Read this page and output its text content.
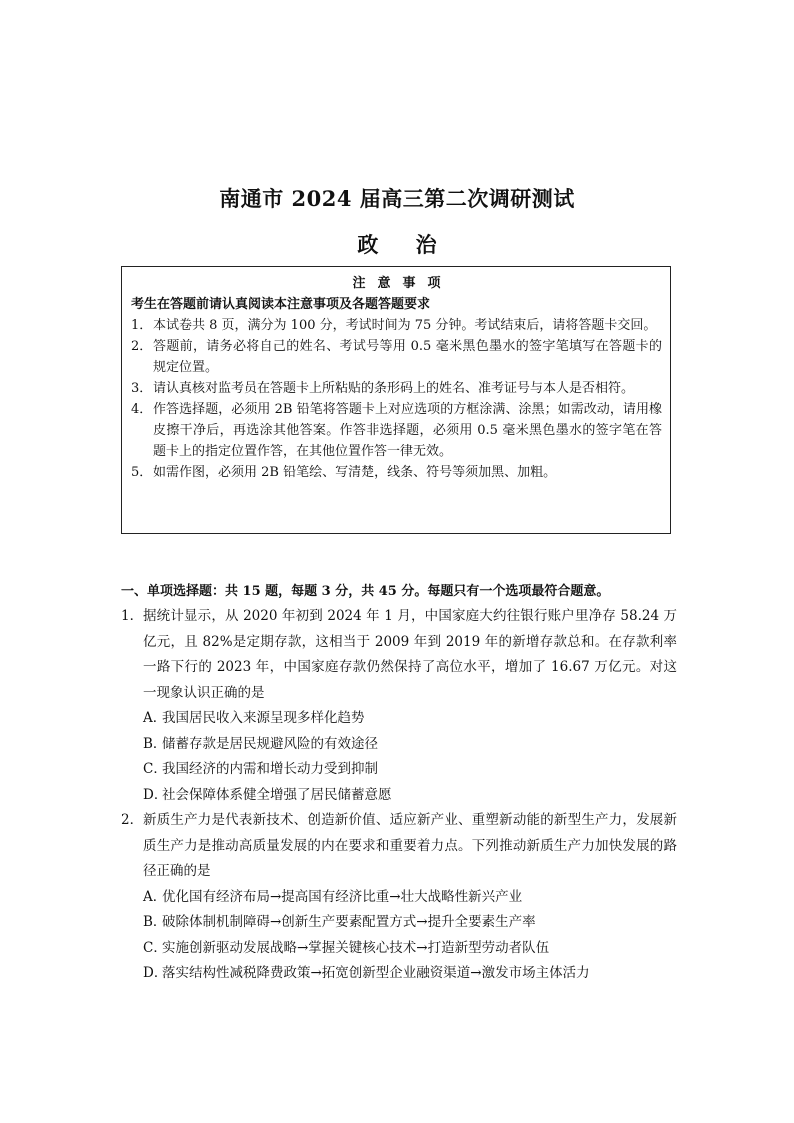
南通市 2024 届高三第二次调研测试
政 治
注意事项
考生在答题前请认真阅读本注意事项及各题答题要求
1． 本试卷共 8 页，满分为 100 分，考试时间为 75 分钟。考试结束后，请将答题卡交回。
2． 答题前，请务必将自己的姓名、考试号等用 0.5 毫米黑色墨水的签字笔填写在答题卡的规定位置。
3． 请认真核对监考员在答题卡上所粘贴的条形码上的姓名、准考证号与本人是否相符。
4． 作答选择题，必须用 2B 铅笔将答题卡上对应选项的方框涂满、涂黑；如需改动，请用橡皮擦干净后，再选涂其他答案。作答非选择题，必须用 0.5 毫米黑色墨水的签字笔在答题卡上的指定位置作答，在其他位置作答一律无效。
5． 如需作图，必须用 2B 铅笔绘、写清楚，线条、符号等须加黑、加粗。
一、单项选择题：共 15 题，每题 3 分，共 45 分。每题只有一个选项最符合题意。
1． 据统计显示，从 2020 年初到 2024 年 1 月，中国家庭大约往银行账户里净存 58.24 万亿元，且 82%是定期存款，这相当于 2009 年到 2019 年的新增存款总和。在存款利率一路下行的 2023 年，中国家庭存款仍然保持了高位水平，增加了 16.67 万亿元。对这一现象认识正确的是
A．我国居民收入来源呈现多样化趋势
B．储蓄存款是居民规避风险的有效途径
C．我国经济的内需和增长动力受到抑制
D．社会保障体系健全增强了居民储蓄意愿
2． 新质生产力是代表新技术、创造新价值、适应新产业、重塑新动能的新型生产力，发展新质生产力是推动高质量发展的内在要求和重要着力点。下列推动新质生产力加快发展的路径正确的是
A．优化国有经济布局→提高国有经济比重→壮大战略性新兴产业
B．破除体制机制障碍→创新生产要素配置方式→提升全要素生产率
C．实施创新驱动发展战略→掌握关键核心技术→打造新型劳动者队伍
D．落实结构性减税降费政策→拓宽创新型企业融资渠道→激发市场主体活力
